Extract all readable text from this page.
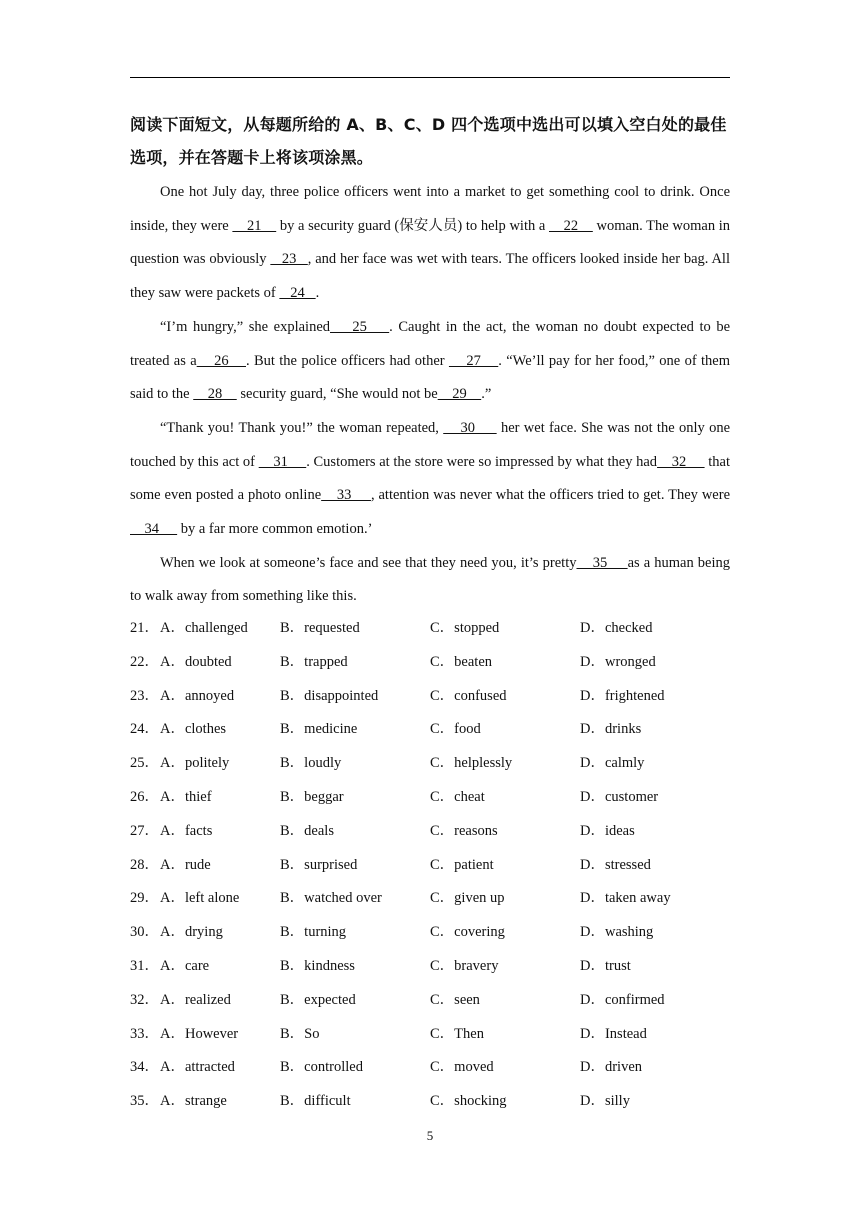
阅读下面短文，从每题所给的 A、B、C、D 四个选项中选出可以填入空白处的最佳选项，并在答题卡上将该项涂黑。

One hot July day, three police officers went into a market to get something cool to drink. Once inside, they were     21     by a security guard (保安人员) to help with a     22     woman. The woman in question was obviously    23   , and her face was wet with tears. The officers looked inside her bag. All they saw were packets of    24   .

“I’m hungry,” she explained    25    . Caught in the act, the woman no doubt expected to be treated as a    26    . But the police officers had other     27    . “We’ll pay for her food,” one of them said to the     28     security guard, “She would not be    29    .”

“Thank you! Thank you!” the woman repeated,     30      her wet face. She was not the only one touched by this act of     31     . Customers at the store were so impressed by what they had    32      that some even posted a photo online    33     , attention was never what the officers tried to get. They were     34      by a far more common emotion.’

When we look at someone’s face and see that they need you, it’s pretty    35     as a human being to walk away from something like this.

21． A．challenged B．requested	C．stopped	D．checked
22． A．doubted	B．trapped	C．beaten	D．wronged
23． A．annoyed	B．disappointed	C．confused	D．frightened
24． A．clothes	B．medicine	C．food	D．drinks
25． A．politely	B．loudly	C．helplessly	D．calmly
26． A．thief	B．beggar	C．cheat	D．customer
27． A．facts	B．deals	C．reasons	D．ideas
28． A．rude	B．surprised	C．patient	D．stressed
29． A．left alone	B．watched over	C．given up	D．taken away
30． A．drying	B．turning	C．covering	D．washing
31． A．care	B．kindness	C．bravery	D．trust
32． A．realized	B．expected	C．seen	D．confirmed
33． A．However	B．So	C．Then	D．Instead
34． A．attracted	B．controlled	C．moved	D．driven
35． A．strange	B．difficult	C．shocking	D．silly
5
